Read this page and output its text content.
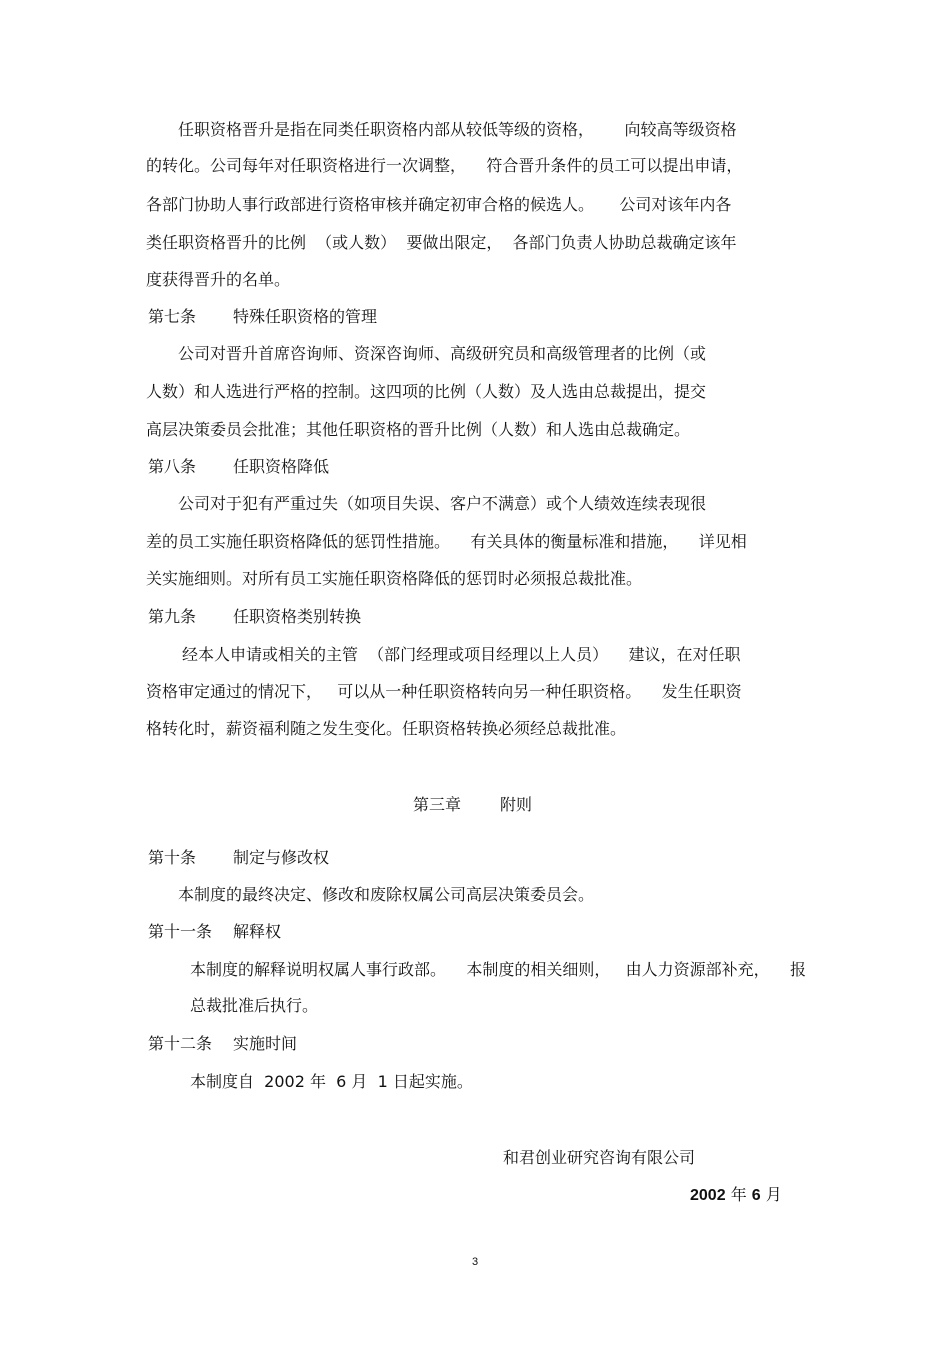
任职资格晋升是指在同类任职资格内部从较低等级的资格，      向较高等级资格

的转化。公司每年对任职资格进行一次调整，    符合晋升条件的员工可以提出申请，

各部门协助人事行政部进行资格审核并确定初审合格的候选人。     公司对该年内各

类任职资格晋升的比例  （或人数）  要做出限定，  各部门负责人协助总裁确定该年

度获得晋升的名单。

第七条 特殊任职资格的管理

公司对晋升首席咨询师、资深咨询师、高级研究员和高级管理者的比例（或

人数）和人选进行严格的控制。这四项的比例（人数）及人选由总裁提出，提交

高层决策委员会批准；其他任职资格的晋升比例（人数）和人选由总裁确定。

第八条 任职资格降低

公司对于犯有严重过失（如项目失误、客户不满意）或个人绩效连续表现很

差的员工实施任职资格降低的惩罚性措施。    有关具体的衡量标准和措施，    详见相

关实施细则。对所有员工实施任职资格降低的惩罚时必须报总裁批准。

第九条 任职资格类别转换

经本人申请或相关的主管  （部门经理或项目经理以上人员）    建议，在对任职

资格审定通过的情况下，   可以从一种任职资格转向另一种任职资格。    发生任职资

格转化时，薪资福利随之发生变化。任职资格转换必须经总裁批准。

第三章 附则

第十条 制定与修改权

本制度的最终决定、修改和废除权属公司高层决策委员会。

第十一条 解释权

本制度的解释说明权属人事行政部。    本制度的相关细则，   由人力资源部补充，    报

总裁批准后执行。

第十二条 实施时间

本制度自  2002 年  6 月  1 日起实施。

和君创业研究咨询有限公司

2002 年 6 月

3
